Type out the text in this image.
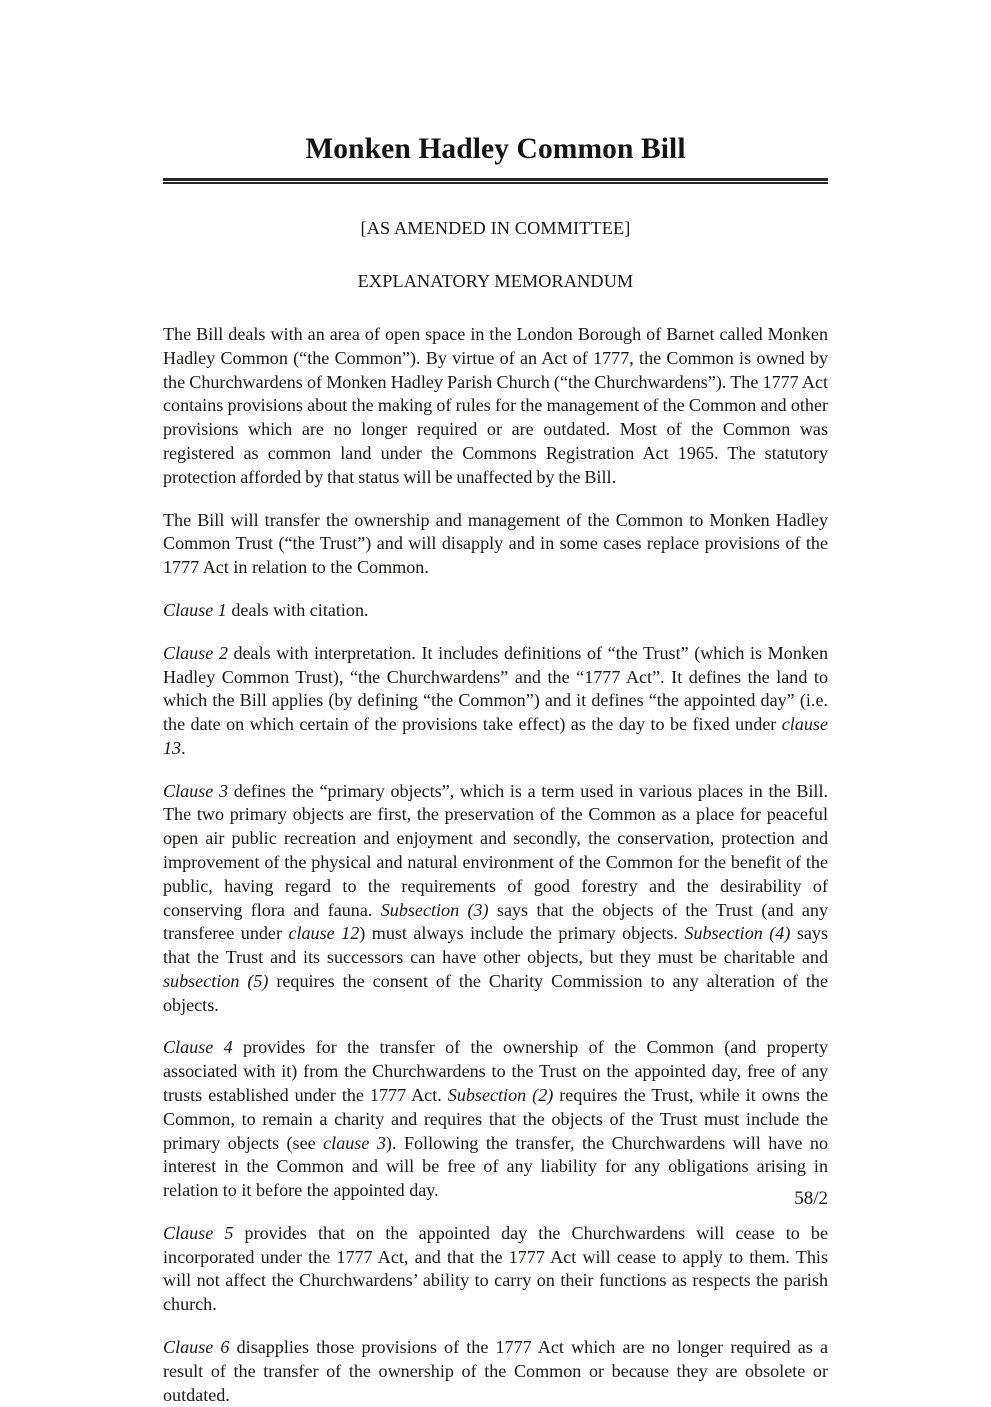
Monken Hadley Common Bill
[AS AMENDED IN COMMITTEE]
EXPLANATORY MEMORANDUM

The Bill deals with an area of open space in the London Borough of Barnet called Monken Hadley Common (“the Common”). By virtue of an Act of 1777, the Common is owned by the Churchwardens of Monken Hadley Parish Church (“the Churchwardens”). The 1777 Act contains provisions about the making of rules for the management of the Common and other provisions which are no longer required or are outdated. Most of the Common was registered as common land under the Commons Registration Act 1965. The statutory protection afforded by that status will be unaffected by the Bill.

The Bill will transfer the ownership and management of the Common to Monken Hadley Common Trust (“the Trust”) and will disapply and in some cases replace provisions of the 1777 Act in relation to the Common.

Clause 1 deals with citation.

Clause 2 deals with interpretation. It includes definitions of “the Trust” (which is Monken Hadley Common Trust), “the Churchwardens” and the “1777 Act”. It defines the land to which the Bill applies (by defining “the Common”) and it defines “the appointed day” (i.e. the date on which certain of the provisions take effect) as the day to be fixed under clause 13.

Clause 3 defines the “primary objects”, which is a term used in various places in the Bill. The two primary objects are first, the preservation of the Common as a place for peaceful open air public recreation and enjoyment and secondly, the conservation, protection and improvement of the physical and natural environment of the Common for the benefit of the public, having regard to the requirements of good forestry and the desirability of conserving flora and fauna. Subsection (3) says that the objects of the Trust (and any transferee under clause 12) must always include the primary objects. Subsection (4) says that the Trust and its successors can have other objects, but they must be charitable and subsection (5) requires the consent of the Charity Commission to any alteration of the objects.

Clause 4 provides for the transfer of the ownership of the Common (and property associated with it) from the Churchwardens to the Trust on the appointed day, free of any trusts established under the 1777 Act. Subsection (2) requires the Trust, while it owns the Common, to remain a charity and requires that the objects of the Trust must include the primary objects (see clause 3). Following the transfer, the Churchwardens will have no interest in the Common and will be free of any liability for any obligations arising in relation to it before the appointed day.

Clause 5 provides that on the appointed day the Churchwardens will cease to be incorporated under the 1777 Act, and that the 1777 Act will cease to apply to them. This will not affect the Churchwardens’ ability to carry on their functions as respects the parish church.

Clause 6 disapplies those provisions of the 1777 Act which are no longer required as a result of the transfer of the ownership of the Common or because they are obsolete or outdated.

58/2
